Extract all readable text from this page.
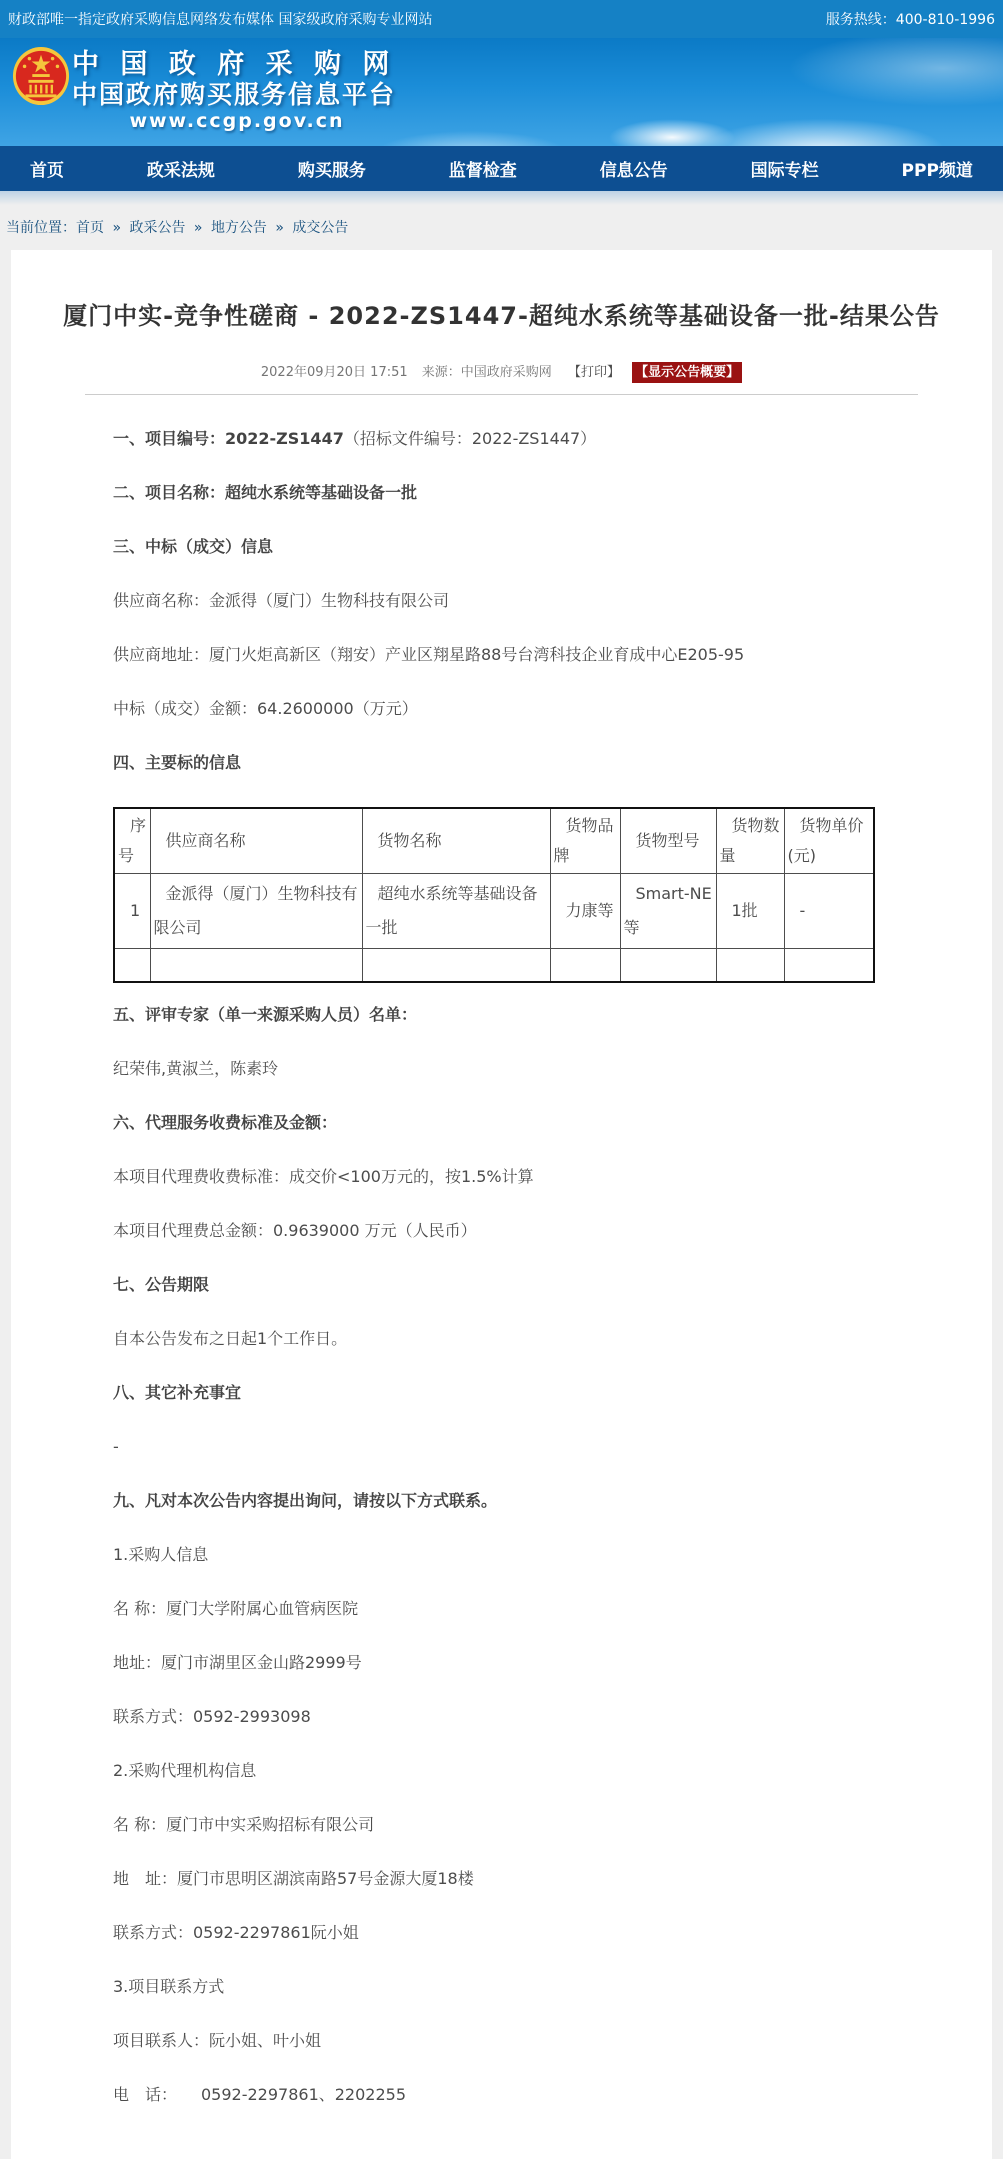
财政部唯一指定政府采购信息网络发布媒体 国家级政府采购专业网站	服务热线：400-810-1996
中 国 政 府 采 购 网
中国政府购买服务信息平台
www.ccgp.gov.cn
首页	政采法规	购买服务	监督检查	信息公告	国际专栏	PPP频道
当前位置：首页 » 政采公告 » 地方公告 » 成交公告
厦门中实-竞争性磋商 - 2022-ZS1447-超纯水系统等基础设备一批-结果公告
2022年09月20日 17:51 来源：中国政府采购网 【打印】 【显示公告概要】

一、项目编号：2022-ZS1447（招标文件编号：2022-ZS1447）

二、项目名称：超纯水系统等基础设备一批

三、中标（成交）信息

供应商名称：金派得（厦门）生物科技有限公司

供应商地址：厦门火炬高新区（翔安）产业区翔星路88号台湾科技企业育成中心E205-95

中标（成交）金额：64.2600000（万元）

四、主要标的信息

序号	供应商名称	货物名称	货物品牌	货物型号	货物数量	货物单价(元)
1	金派得（厦门）生物科技有限公司	超纯水系统等基础设备一批	力康等	Smart-NE等	1批	-

五、评审专家（单一来源采购人员）名单：

纪荣伟,黄淑兰，陈素玲

六、代理服务收费标准及金额：

本项目代理费收费标准：成交价<100万元的，按1.5%计算

本项目代理费总金额：0.9639000 万元（人民币）

七、公告期限

自本公告发布之日起1个工作日。

八、其它补充事宜

-

九、凡对本次公告内容提出询问，请按以下方式联系。

1.采购人信息

名 称：厦门大学附属心血管病医院

地址：厦门市湖里区金山路2999号

联系方式：0592-2993098

2.采购代理机构信息

名 称：厦门市中实采购招标有限公司

地　址：厦门市思明区湖滨南路57号金源大厦18楼

联系方式：0592-2297861阮小姐

3.项目联系方式

项目联系人：阮小姐、叶小姐

电　话：　　0592-2297861、2202255
